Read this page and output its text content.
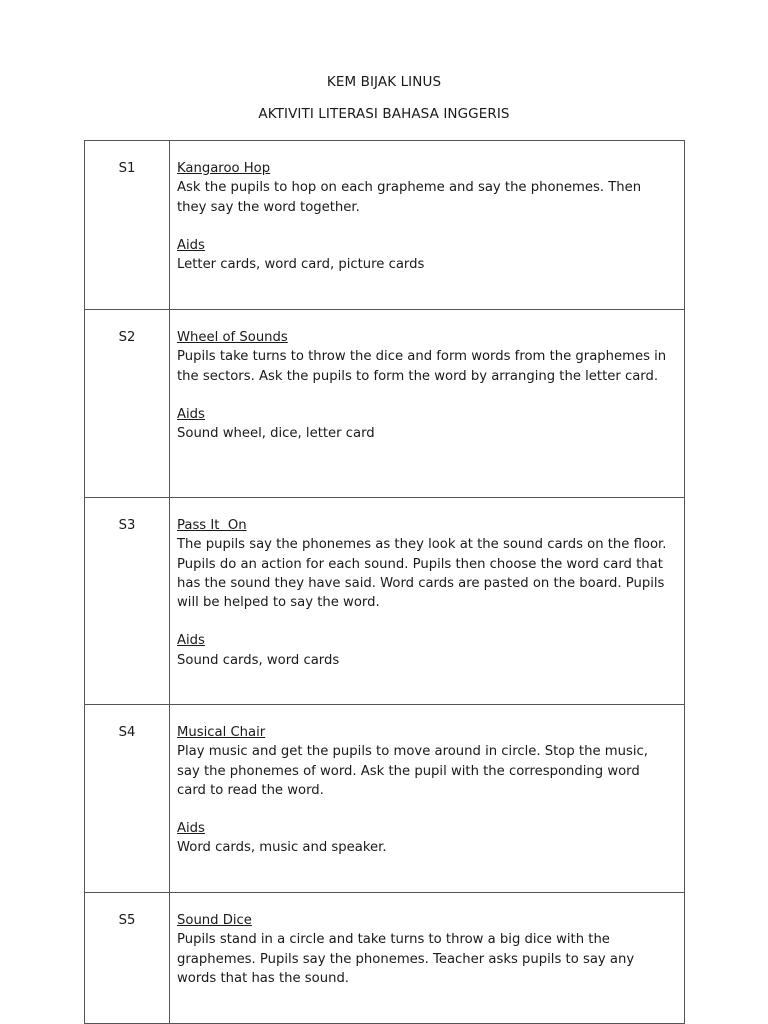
KEM BIJAK LINUS
AKTIVITI LITERASI BAHASA INGGERIS
S1	Kangaroo Hop
Ask the pupils to hop on each grapheme and say the phonemes. Then they say the word together.
Aids
Letter cards, word card, picture cards

S2	Wheel of Sounds
Pupils take turns to throw the dice and form words from the graphemes in the sectors. Ask the pupils to form the word by arranging the letter card.
Aids
Sound wheel, dice, letter card

S3	Pass It  On
The pupils say the phonemes as they look at the sound cards on the floor. Pupils do an action for each sound. Pupils then choose the word card that has the sound they have said. Word cards are pasted on the board. Pupils will be helped to say the word.
Aids
Sound cards, word cards

S4	Musical Chair
Play music and get the pupils to move around in circle. Stop the music, say the phonemes of word. Ask the pupil with the corresponding word card to read the word.
Aids
Word cards, music and speaker.

S5	Sound Dice
Pupils stand in a circle and take turns to throw a big dice with the graphemes. Pupils say the phonemes. Teacher asks pupils to say any words that has the sound.
